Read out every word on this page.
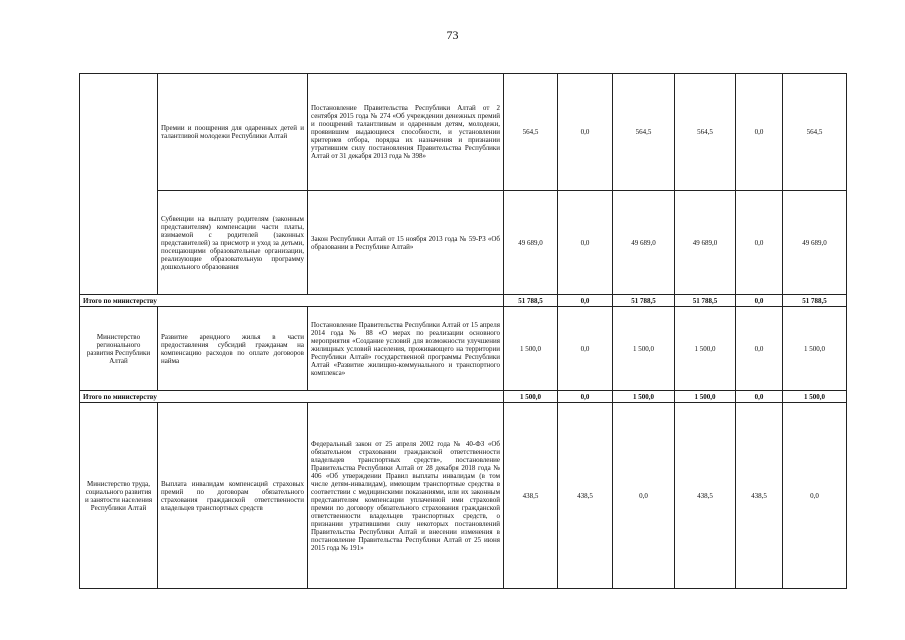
73
	Премии и поощрения для одаренных детей и талантливой молодежи Республики Алтай	Постановление Правительства Республики Алтай от 2 сентября 2015 года № 274 «Об учреждении денежных премий и поощрений талантливым и одаренным детям, молодежи, проявившим выдающиеся способности, и установлении критериев отбора, порядка их назначения и признании утратившим силу постановления Правительства Республики Алтай от 31 декабря 2013 года № 398»	564,5	0,0	564,5	564,5	0,0	564,5
	Субвенции на выплату родителям (законным представителям) компенсации части платы, взимаемой с родителей (законных представителей) за присмотр и уход за детьми, посещающими образовательные организации, реализующие образовательную программу дошкольного образования	Закон Республики Алтай от 15 ноября 2013 года № 59-РЗ «Об образовании в Республике Алтай»	49 689,0	0,0	49 689,0	49 689,0	0,0	49 689,0
Итого по министерству			51 788,5	0,0	51 788,5	51 788,5	0,0	51 788,5
Министерство регионального развития Республики Алтай	Развитие арендного жилья в части предоставления субсидий гражданам на компенсацию расходов по оплате договоров найма	Постановление Правительства Республики Алтай от 15 апреля 2014 года № 88 «О мерах по реализации основного мероприятия «Создание условий для возможности улучшения жилищных условий населения, проживающего на территории Республики Алтай» государственной программы Республики Алтай «Развитие жилищно-коммунального и транспортного комплекса»	1 500,0	0,0	1 500,0	1 500,0	0,0	1 500,0
Итого по министерству			1 500,0	0,0	1 500,0	1 500,0	0,0	1 500,0
Министерство труда, социального развития и занятости населения Республики Алтай	Выплата инвалидам компенсаций страховых премий по договорам обязательного страхования гражданской ответственности владельцев транспортных средств	Федеральный закон от 25 апреля 2002 года № 40-ФЗ «Об обязательном страховании гражданской ответственности владельцев транспортных средств», постановление Правительства Республики Алтай от 28 декабря 2018 года № 406 «Об утверждении Правил выплаты инвалидам (в том числе детям-инвалидам), имеющим транспортные средства в соответствии с медицинскими показаниями, или их законным представителям компенсации уплаченной ими страховой премии по договору обязательного страхования гражданской ответственности владельцев транспортных средств, о признании утратившими силу некоторых постановлений Правительства Республики Алтай и внесении изменения в постановление Правительства Республики Алтай от 25 июня 2015 года № 191»	438,5	438,5	0,0	438,5	438,5	0,0
